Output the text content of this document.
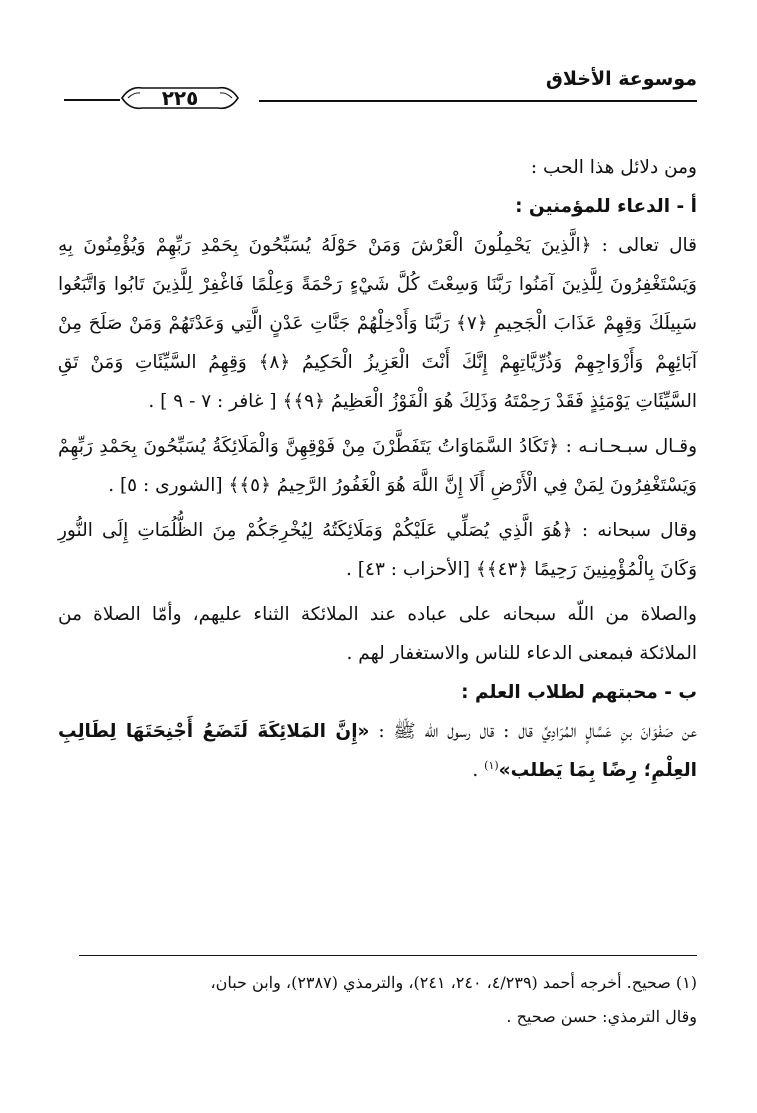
موسوعة الأخلاق
٢٢٥

ومن دلائل هذا الحب :

أ - الدعاء للمؤمنين :

قال تعالى : ﴿الَّذِينَ يَحْمِلُونَ الْعَرْشَ وَمَنْ حَوْلَهُ يُسَبِّحُونَ بِحَمْدِ رَبِّهِمْ وَيُؤْمِنُونَ بِهِ وَيَسْتَغْفِرُونَ لِلَّذِينَ آمَنُوا رَبَّنَا وَسِعْتَ كُلَّ شَيْءٍ رَحْمَةً وَعِلْمًا فَاغْفِرْ لِلَّذِينَ تَابُوا وَاتَّبَعُوا سَبِيلَكَ وَقِهِمْ عَذَابَ الْجَحِيمِ ﴿٧﴾ رَبَّنَا وَأَدْخِلْهُمْ جَنَّاتِ عَدْنٍ الَّتِي وَعَدْتَهُمْ وَمَنْ صَلَحَ مِنْ آبَائِهِمْ وَأَزْوَاجِهِمْ وَذُرِّيَّاتِهِمْ إِنَّكَ أَنْتَ الْعَزِيزُ الْحَكِيمُ ﴿٨﴾ وَقِهِمُ السَّيِّئَاتِ وَمَنْ تَقِ السَّيِّئَاتِ يَوْمَئِذٍ فَقَدْ رَحِمْتَهُ وَذَلِكَ هُوَ الْفَوْزُ الْعَظِيمُ ﴿٩﴾﴾ [ غافر : ٧ - ٩ ] .

وقـال سبـحـانـه : ﴿تَكَادُ السَّمَاوَاتُ يَتَفَطَّرْنَ مِنْ فَوْقِهِنَّ وَالْمَلَائِكَةُ يُسَبِّحُونَ بِحَمْدِ رَبِّهِمْ وَيَسْتَغْفِرُونَ لِمَنْ فِي الْأَرْضِ أَلَا إِنَّ اللَّهَ هُوَ الْغَفُورُ الرَّحِيمُ ﴿٥﴾﴾ [الشورى : ٥] .

وقال سبحانه : ﴿هُوَ الَّذِي يُصَلِّي عَلَيْكُمْ وَمَلَائِكَتُهُ لِيُخْرِجَكُمْ مِنَ الظُّلُمَاتِ إِلَى النُّورِ وَكَانَ بِالْمُؤْمِنِينَ رَحِيمًا ﴿٤٣﴾﴾ [الأحزاب : ٤٣] .

والصلاة من اللّه سبحانه على عباده عند الملائكة الثناء عليهم، وأمّا الصلاة من الملائكة فبمعنى الدعاء للناس والاستغفار لهم .

ب - محبتهم لطلاب العلم :

عن صَفْوَانَ بنِ عَسَّالٍ المُرَادِيِّ قال : قال رسول اللّه ﷺ : «إِنَّ المَلائِكَةَ لَتَضَعُ أَجْنِحَتَهَا لِطَالِبِ العِلْمِ؛ رِضًا بِمَا يَطلب»$^{(١)}$ .

(١) صحيح. أخرجه أحمد (٤/٢٣٩، ٢٤٠، ٢٤١)، والترمذي (٢٣٨٧)، وابن حبان،

وقال الترمذي: حسن صحيح .
